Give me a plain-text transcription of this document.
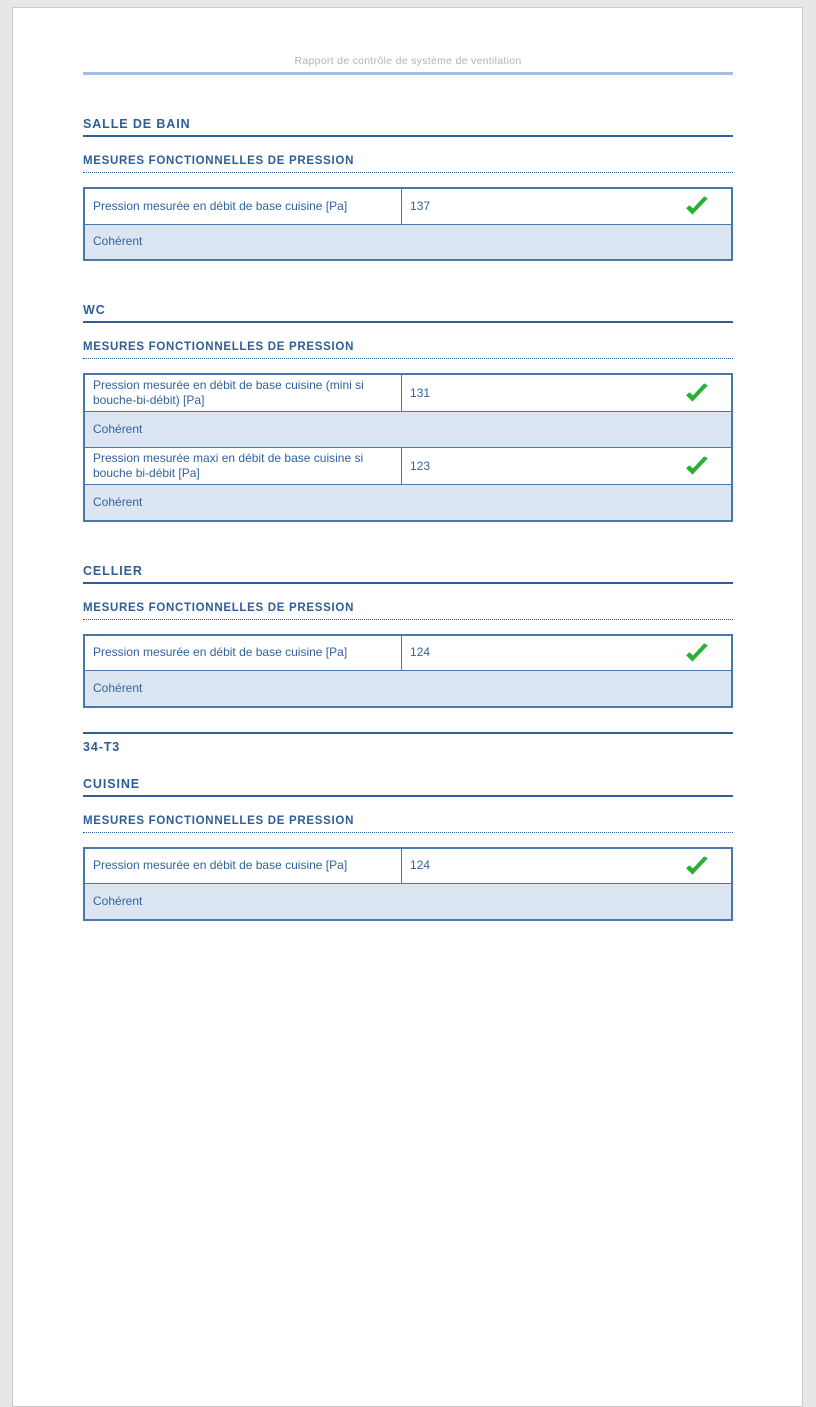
Rapport de contrôle de système de ventilation
SALLE DE BAIN
MESURES FONCTIONNELLES DE PRESSION
Pression mesurée en débit de base cuisine [Pa]	137

Cohérent
WC
MESURES FONCTIONNELLES DE PRESSION
Pression mesurée en débit de base cuisine (mini si bouche-bi-débit) [Pa]	131

Cohérent	
Pression mesurée maxi en débit de base cuisine si bouche bi-débit [Pa]	123

Cohérent	
CELLIER
MESURES FONCTIONNELLES DE PRESSION
Pression mesurée en débit de base cuisine [Pa]	124

Cohérent
34-T3
CUISINE
MESURES FONCTIONNELLES DE PRESSION
Pression mesurée en débit de base cuisine [Pa]	124

Cohérent
